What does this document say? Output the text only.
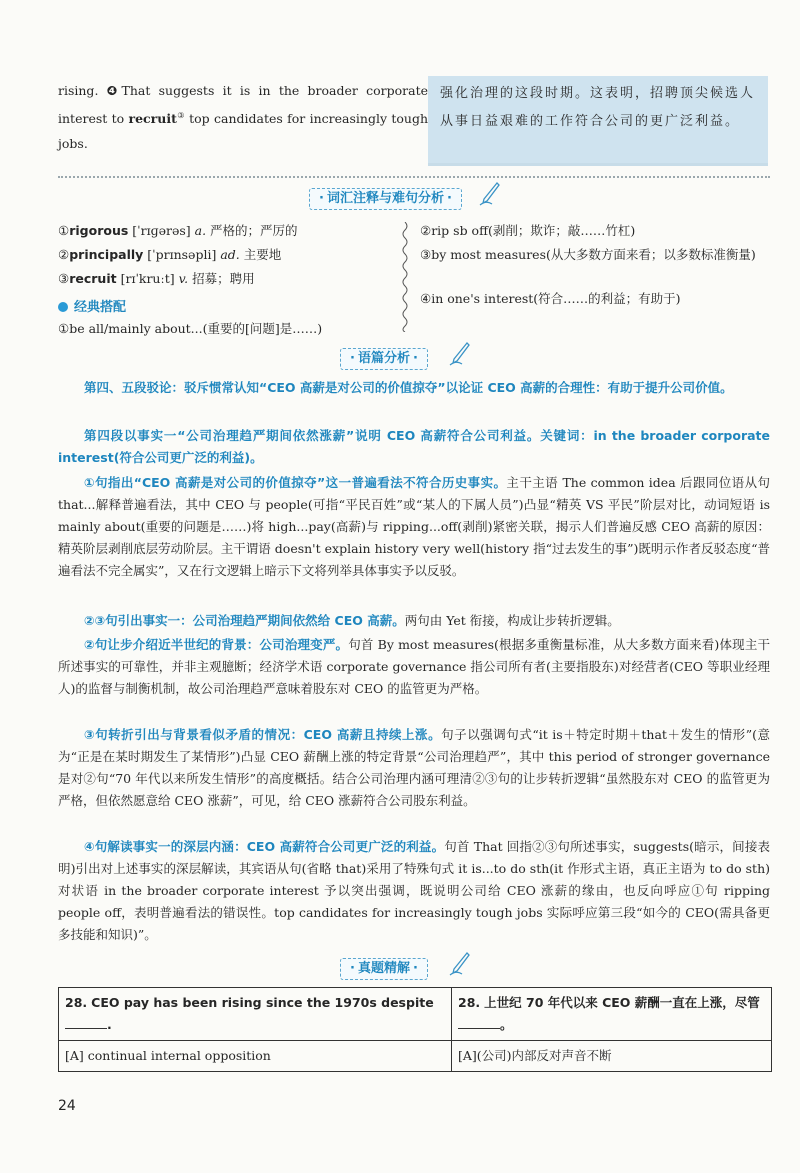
rising. ❹That suggests it is in the broader corporate interest to recruit③ top candidates for increasingly tough jobs.
强化治理的这段时期。这表明，招聘顶尖候选人从事日益艰难的工作符合公司的更广泛利益。
· 词汇注释与难句分析 ·
①rigorous [ˈrɪɡərəs] a. 严格的；严厉的
②principally [ˈprɪnsəpli] ad. 主要地
③recruit [rɪˈkruːt] v. 招募；聘用
②rip sb off(剥削；欺诈；敲……竹杠)
③by most measures(从大多数方面来看；以多数标准衡量)
④in one's interest(符合……的利益；有助于)
经典搭配
①be all/mainly about...(重要的[问题]是……)
· 语篇分析 ·
第四、五段驳论：驳斥惯常认知“CEO 高薪是对公司的价值掠夺”以论证 CEO 高薪的合理性：有助于提升公司价值。
第四段以事实一“公司治理趋严期间依然涨薪”说明 CEO 高薪符合公司利益。关键词：in the broader corporate interest(符合公司更广泛的利益)。
①句指出“CEO 高薪是对公司的价值掠夺”这一普遍看法不符合历史事实。主干主语 The common idea 后跟同位语从句 that...解释普遍看法，其中 CEO 与 people(可指“平民百姓”或“某人的下属人员”)凸显“精英 VS 平民”阶层对比，动词短语 is mainly about(重要的问题是……)将 high...pay(高薪)与 ripping...off(剥削)紧密关联，揭示人们普遍反感 CEO 高薪的原因：精英阶层剥削底层劳动阶层。主干谓语 doesn't explain history very well(history 指“过去发生的事”)既明示作者反驳态度“普遍看法不完全属实”，又在行文逻辑上暗示下文将列举具体事实予以反驳。
②③句引出事实一：公司治理趋严期间依然给 CEO 高薪。两句由 Yet 衔接，构成让步转折逻辑。
②句让步介绍近半世纪的背景：公司治理变严。句首 By most measures(根据多重衡量标准，从大多数方面来看)体现主干所述事实的可靠性，并非主观臆断；经济学术语 corporate governance 指公司所有者(主要指股东)对经营者(CEO 等职业经理人)的监督与制衡机制，故公司治理趋严意味着股东对 CEO 的监管更为严格。
③句转折引出与背景看似矛盾的情况：CEO 高薪且持续上涨。句子以强调句式“it is＋特定时期＋that＋发生的情形”(意为“正是在某时期发生了某情形”)凸显 CEO 薪酬上涨的特定背景“公司治理趋严”，其中 this period of stronger governance 是对②句“70 年代以来所发生情形”的高度概括。结合公司治理内涵可理清②③句的让步转折逻辑“虽然股东对 CEO 的监管更为严格，但依然愿意给 CEO 涨薪”，可见，给 CEO 涨薪符合公司股东利益。
④句解读事实一的深层内涵：CEO 高薪符合公司更广泛的利益。句首 That 回指②③句所述事实，suggests(暗示，间接表明)引出对上述事实的深层解读，其宾语从句(省略 that)采用了特殊句式 it is...to do sth(it 作形式主语，真正主语为 to do sth)对状语 in the broader corporate interest 予以突出强调，既说明公司给 CEO 涨薪的缘由，也反向呼应①句 ripping people off，表明普遍看法的错误性。top candidates for increasingly tough jobs 实际呼应第三段“如今的 CEO(需具备更多技能和知识)”。
· 真题精解 ·
28. CEO pay has been rising since the 1970s despite .	28. 上世纪 70 年代以来 CEO 薪酬一直在上涨，尽管。
[A] continual internal opposition	[A](公司)内部反对声音不断
24
